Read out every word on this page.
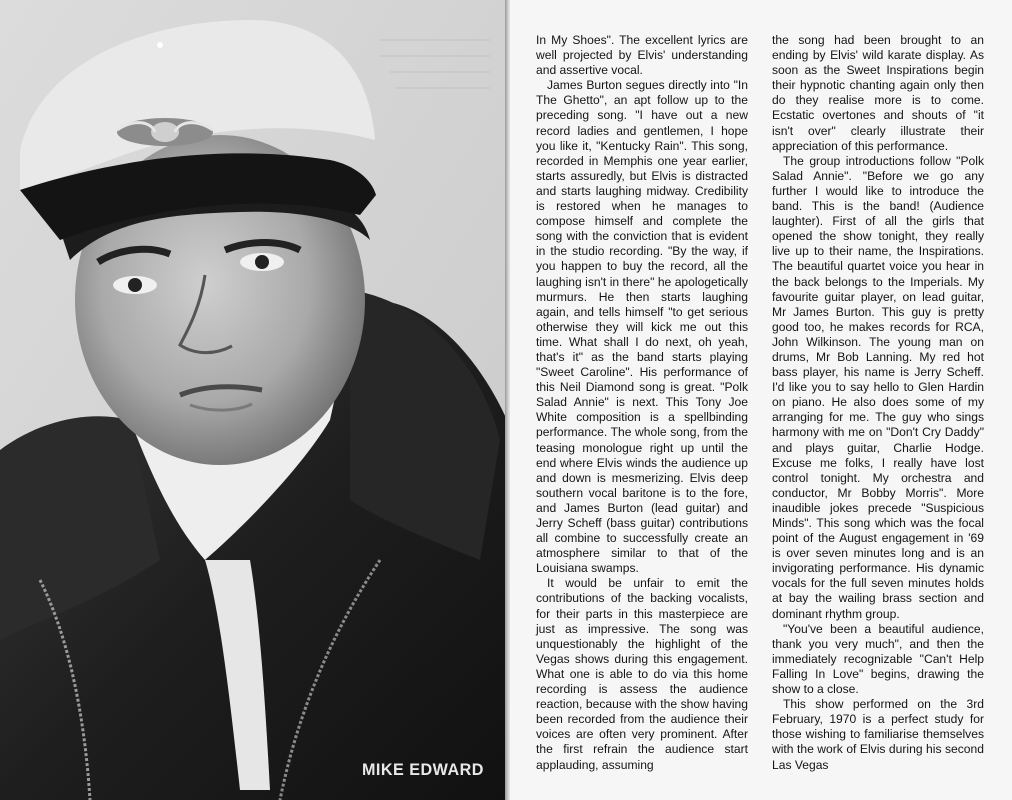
MIKE EDWARD

In My Shoes". The excellent lyrics are well projected by Elvis' understanding and assertive vocal.

James Burton segues directly into "In The Ghetto", an apt follow up to the preceding song. "I have out a new record ladies and gentlemen, I hope you like it, "Kentucky Rain". This song, recorded in Memphis one year earlier, starts assuredly, but Elvis is distracted and starts laughing midway. Credibility is restored when he manages to compose himself and complete the song with the conviction that is evident in the studio recording. "By the way, if you happen to buy the record, all the laughing isn't in there" he apologetically murmurs. He then starts laughing again, and tells himself "to get serious otherwise they will kick me out this time. What shall I do next, oh yeah, that's it" as the band starts playing "Sweet Caroline". His performance of this Neil Diamond song is great. "Polk Salad Annie" is next. This Tony Joe White composition is a spellbinding performance. The whole song, from the teasing monologue right up until the end where Elvis winds the audience up and down is mesmerizing. Elvis deep southern vocal baritone is to the fore, and James Burton (lead guitar) and Jerry Scheff (bass guitar) contributions all combine to successfully create an atmosphere similar to that of the Louisiana swamps.

It would be unfair to emit the contributions of the backing vocalists, for their parts in this masterpiece are just as impressive. The song was unquestionably the highlight of the Vegas shows during this engagement. What one is able to do via this home recording is assess the audience reaction, because with the show having been recorded from the audience their voices are often very prominent. After the first refrain the audience start applauding, assuming

the song had been brought to an ending by Elvis' wild karate display. As soon as the Sweet Inspirations begin their hypnotic chanting again only then do they realise more is to come. Ecstatic overtones and shouts of "it isn't over" clearly illustrate their appreciation of this performance.

The group introductions follow "Polk Salad Annie". "Before we go any further I would like to introduce the band. This is the band! (Audience laughter). First of all the girls that opened the show tonight, they really live up to their name, the Inspirations. The beautiful quartet voice you hear in the back belongs to the Imperials. My favourite guitar player, on lead guitar, Mr James Burton. This guy is pretty good too, he makes records for RCA, John Wilkinson. The young man on drums, Mr Bob Lanning. My red hot bass player, his name is Jerry Scheff. I'd like you to say hello to Glen Hardin on piano. He also does some of my arranging for me. The guy who sings harmony with me on "Don't Cry Daddy" and plays guitar, Charlie Hodge. Excuse me folks, I really have lost control tonight. My orchestra and conductor, Mr Bobby Morris". More inaudible jokes precede "Suspicious Minds". This song which was the focal point of the August engagement in '69 is over seven minutes long and is an invigorating performance. His dynamic vocals for the full seven minutes holds at bay the wailing brass section and dominant rhythm group.

"You've been a beautiful audience, thank you very much", and then the immediately recognizable "Can't Help Falling In Love" begins, drawing the show to a close.

This show performed on the 3rd February, 1970 is a perfect study for those wishing to familiarise themselves with the work of Elvis during his second Las Vegas
